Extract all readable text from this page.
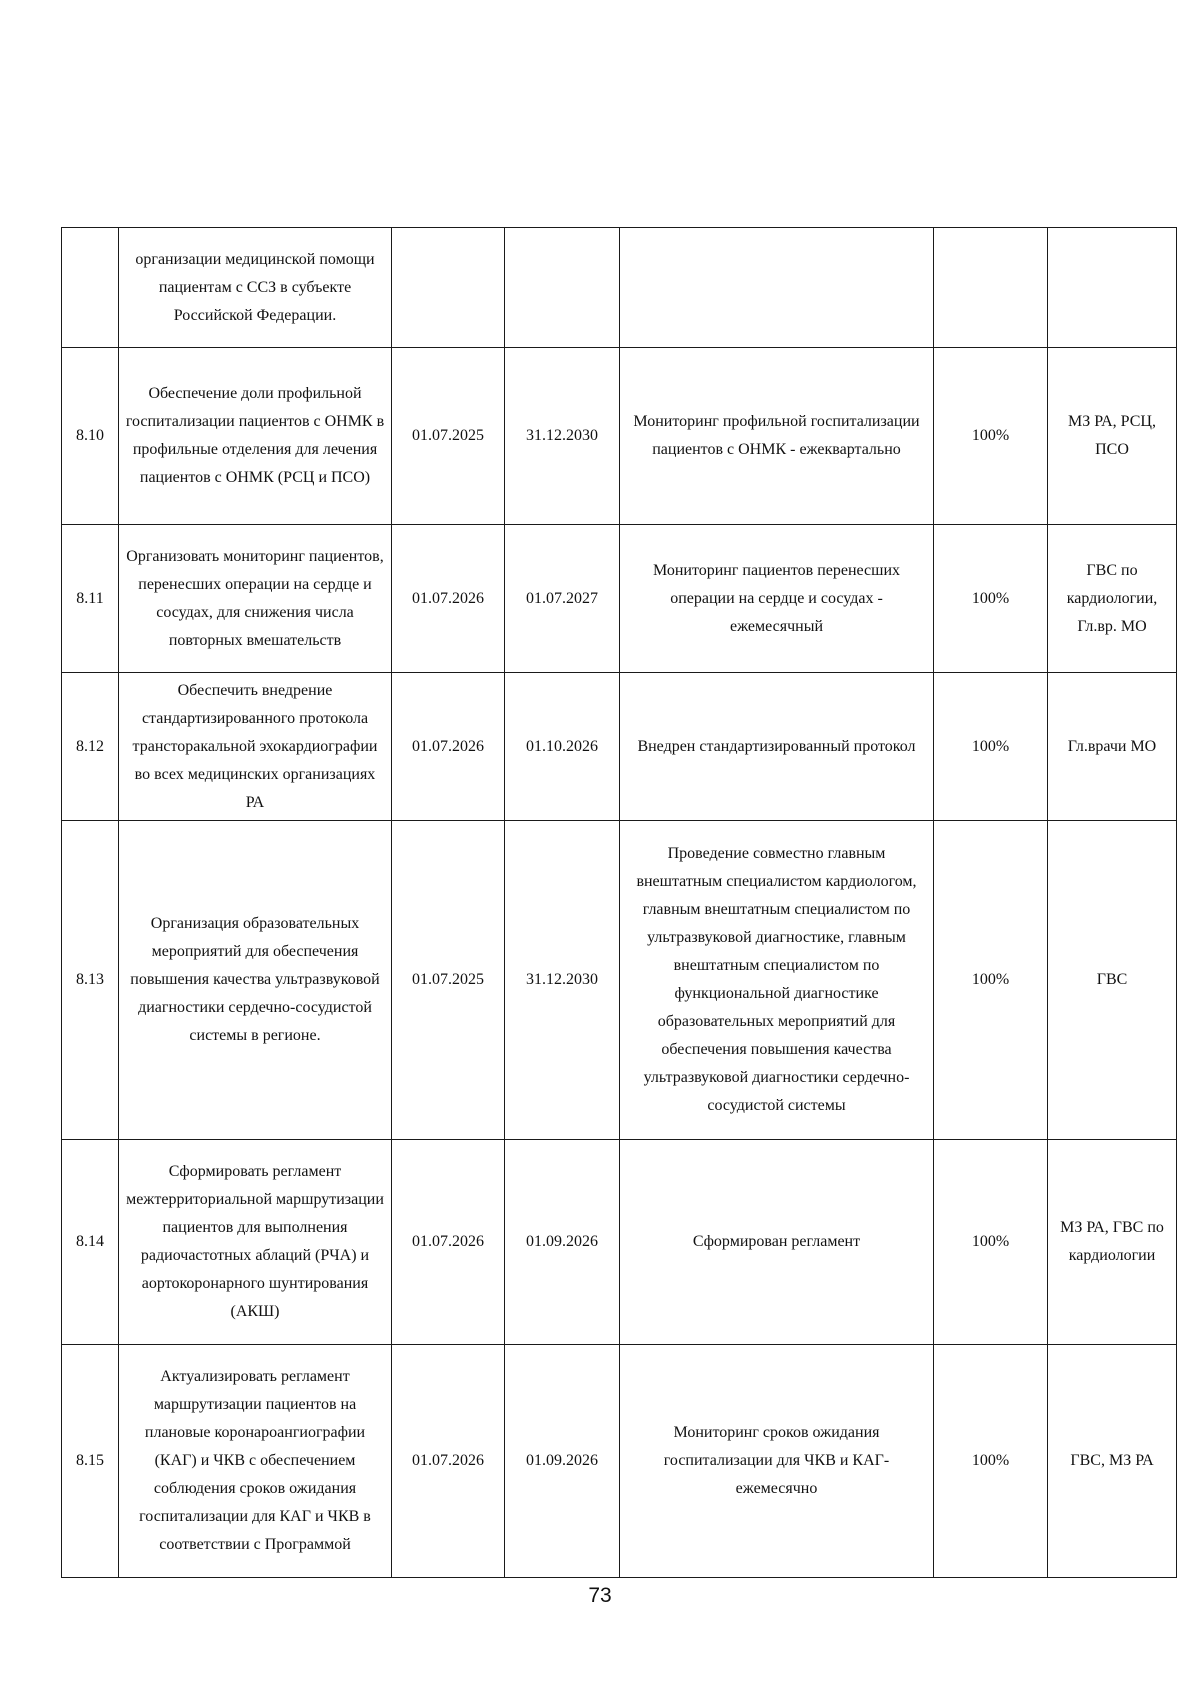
	организации медицинской помощи пациентам с ССЗ в субъекте Российской Федерации.					
8.10	Обеспечение доли профильной госпитализации пациентов с ОНМК в профильные отделения для лечения пациентов с ОНМК (РСЦ и ПСО)	01.07.2025	31.12.2030	Мониторинг профильной госпитализации пациентов с ОНМК - ежеквартально	100%	МЗ РА, РСЦ, ПСО
8.11	Организовать мониторинг пациентов, перенесших операции на сердце и сосудах, для снижения числа повторных вмешательств	01.07.2026	01.07.2027	Мониторинг пациентов перенесших операции на сердце и сосудах - ежемесячный	100%	ГВС по кардиологии, Гл.вр. МО
8.12	Обеспечить внедрение стандартизированного протокола трансторакальной эхокардиографии во всех медицинских организациях РА	01.07.2026	01.10.2026	Внедрен стандартизированный протокол	100%	Гл.врачи МО
8.13	Организация образовательных мероприятий для обеспечения повышения качества ультразвуковой диагностики сердечно-сосудистой системы в регионе.	01.07.2025	31.12.2030	Проведение совместно главным внештатным специалистом кардиологом, главным внештатным специалистом по ультразвуковой диагностике, главным внештатным специалистом по функциональной диагностике образовательных мероприятий для обеспечения повышения качества ультразвуковой диагностики сердечно-сосудистой системы	100%	ГВС
8.14	Сформировать регламент межтерриториальной маршрутизации пациентов для выполнения радиочастотных аблаций (РЧА) и аортокоронарного шунтирования (АКШ)	01.07.2026	01.09.2026	Сформирован регламент	100%	МЗ РА, ГВС по кардиологии
8.15	Актуализировать регламент маршрутизации пациентов на плановые коронароангиографии (КАГ) и ЧКВ с обеспечением соблюдения сроков ожидания госпитализации для КАГ и ЧКВ в соответствии с Программой	01.07.2026	01.09.2026	Мониторинг сроков ожидания госпитализации для ЧКВ и КАГ- ежемесячно	100%	ГВС, МЗ РА
73
